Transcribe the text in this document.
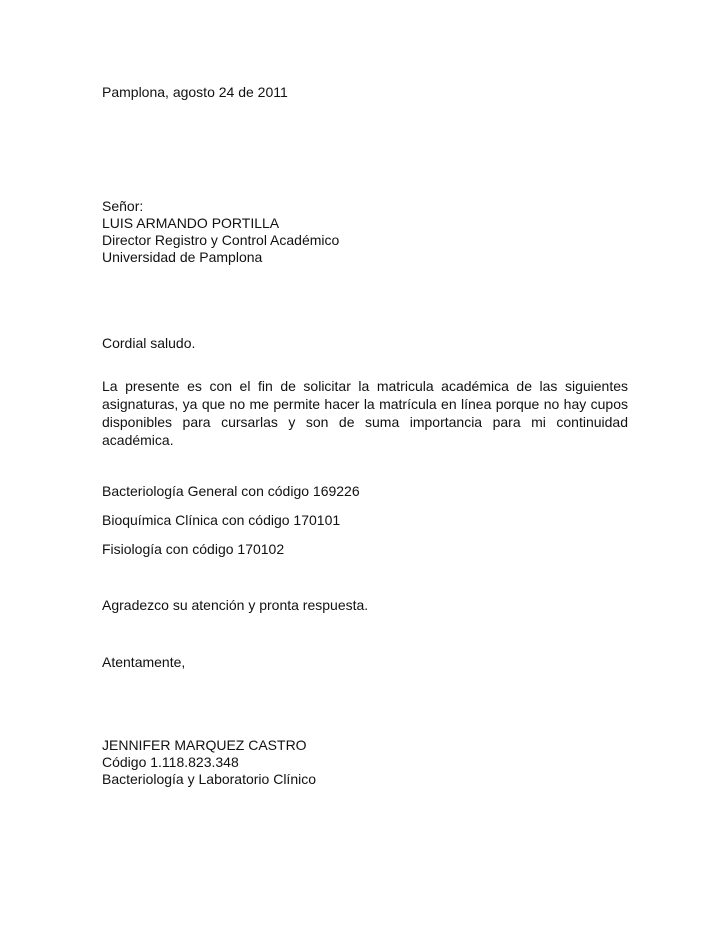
Pamplona, agosto 24 de 2011
Señor:
LUIS ARMANDO PORTILLA
Director Registro y Control Académico
Universidad de Pamplona
Cordial saludo.
La presente es con el fin de solicitar la matricula académica de las siguientes asignaturas, ya que no me permite hacer la matrícula en línea porque no hay cupos disponibles para cursarlas y son de suma importancia para mi continuidad académica.
Bacteriología General con código 169226
Bioquímica Clínica con código 170101
Fisiología con código 170102
Agradezco su atención y pronta respuesta.
Atentamente,
JENNIFER MARQUEZ CASTRO
Código 1.118.823.348
Bacteriología y Laboratorio Clínico
